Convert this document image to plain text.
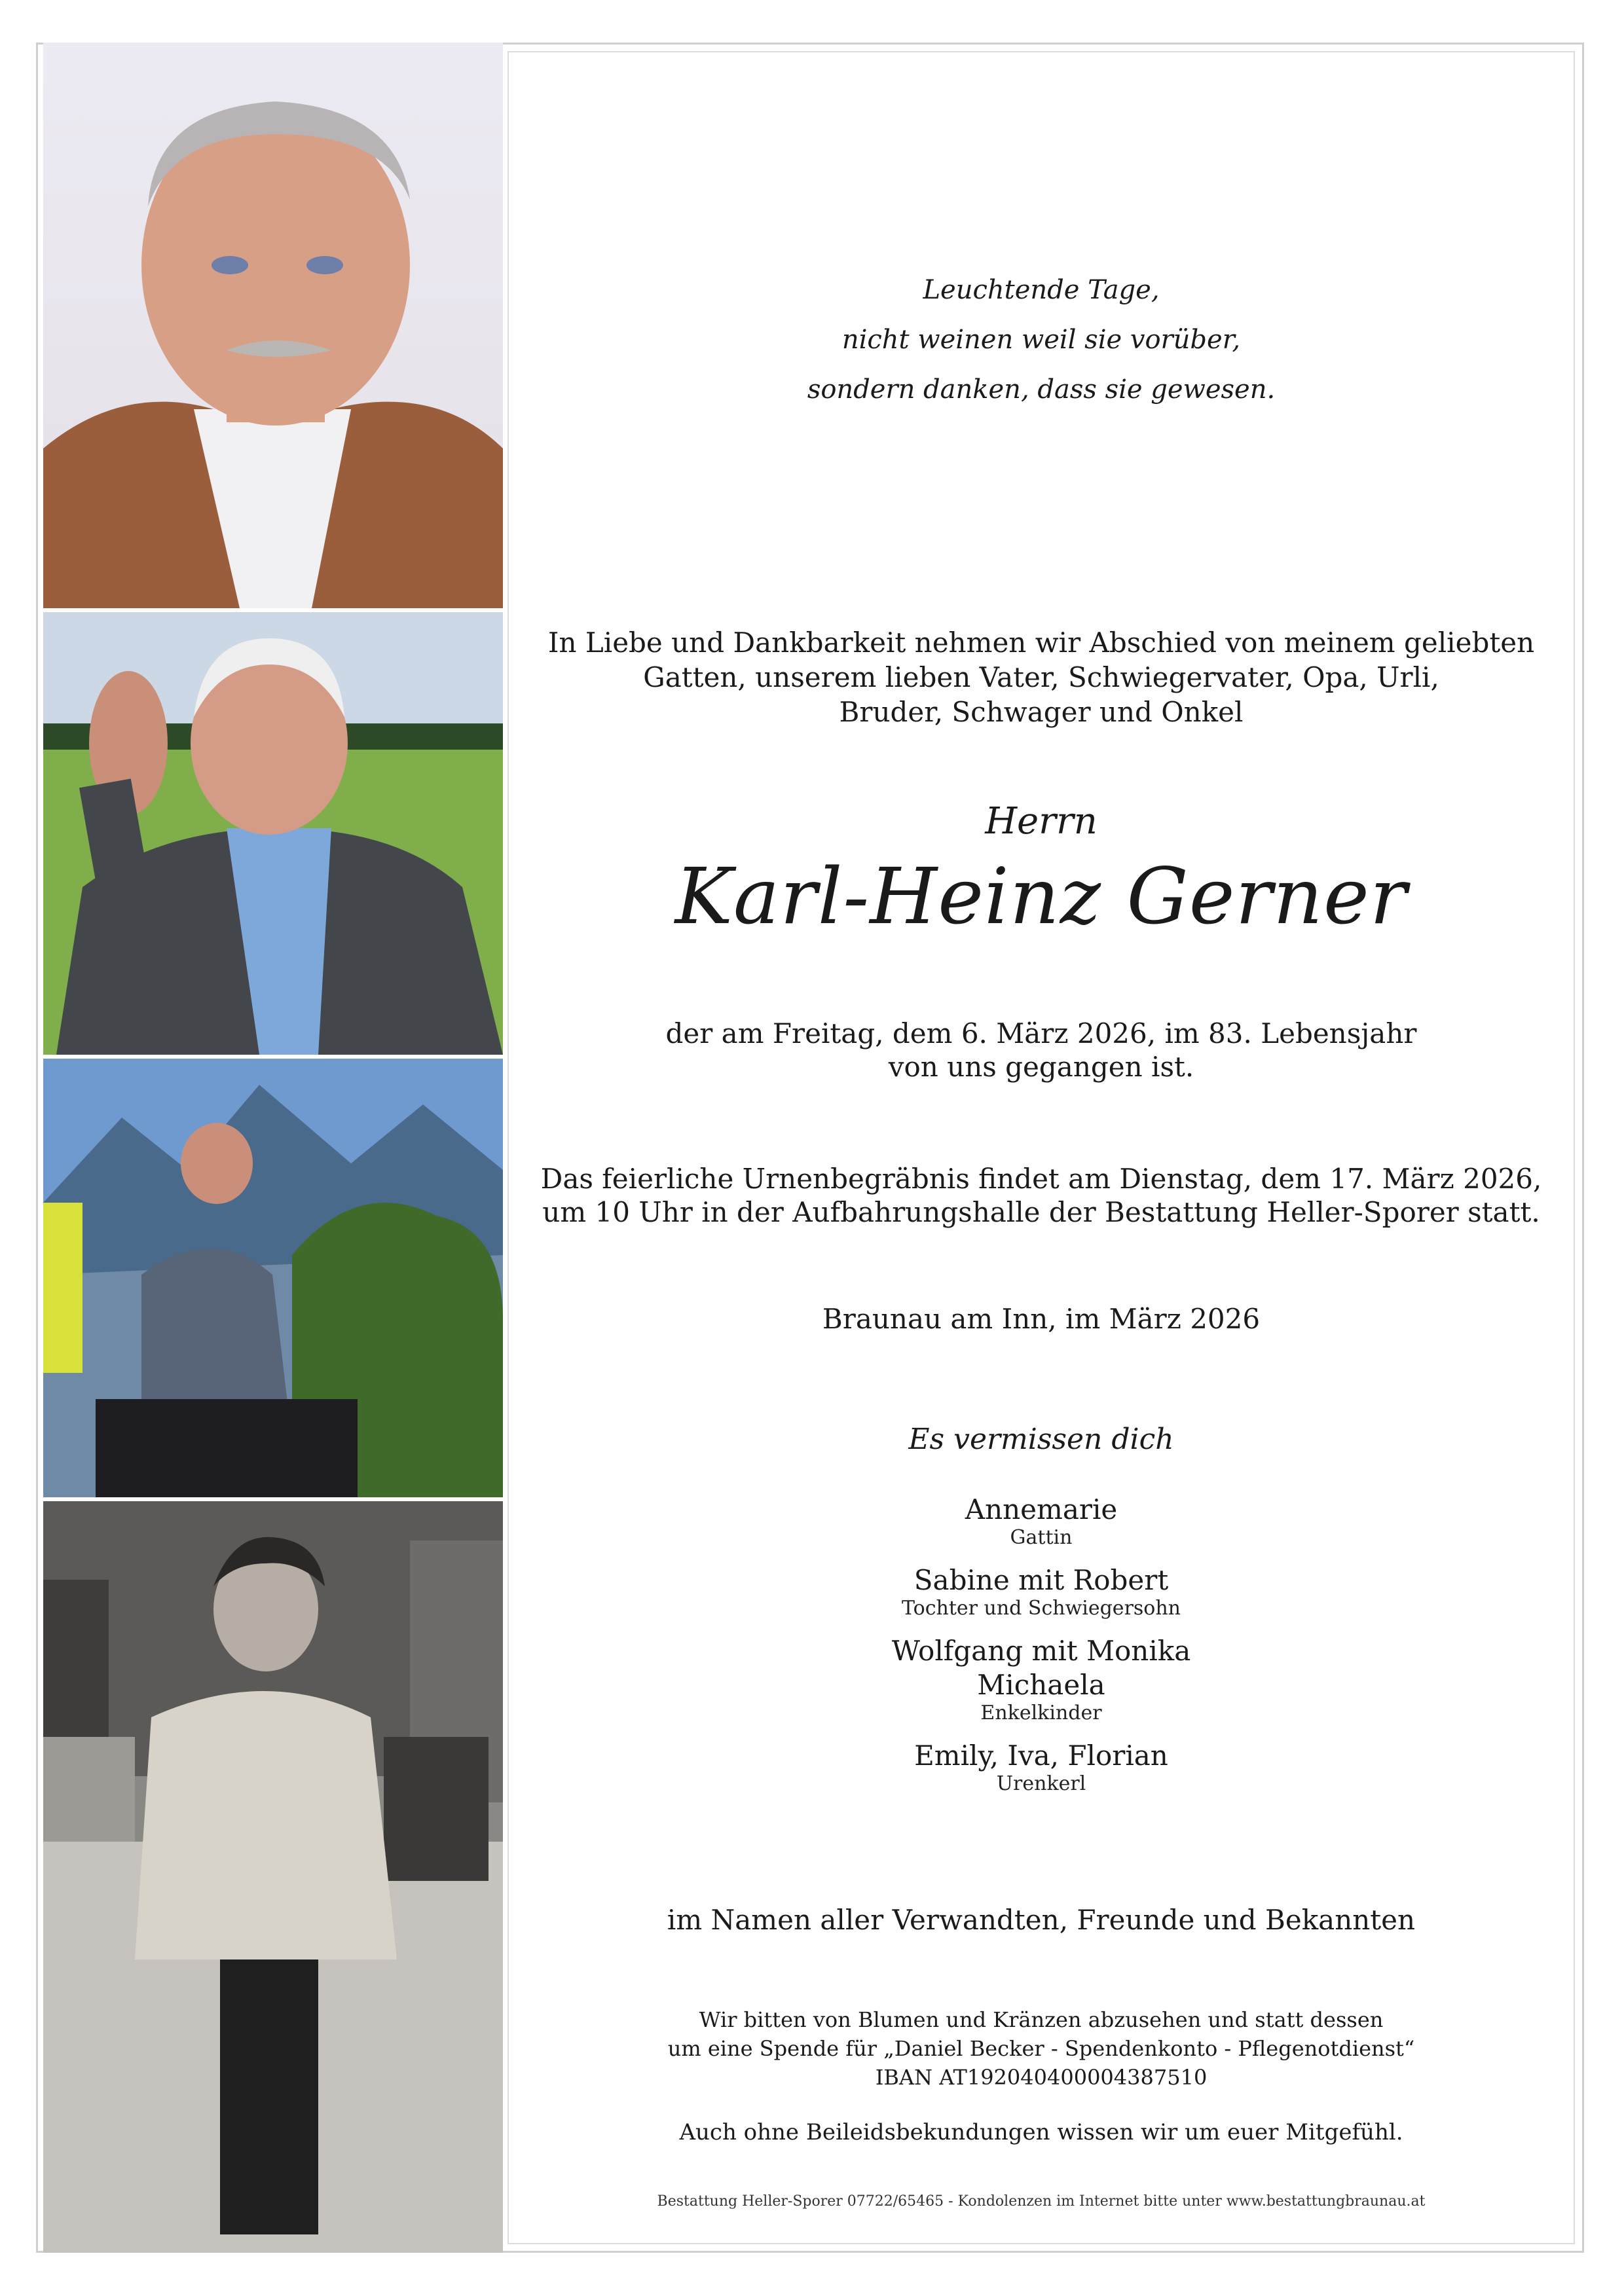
Leuchtende Tage,
nicht weinen weil sie vorüber,
sondern danken, dass sie gewesen.
In Liebe und Dankbarkeit nehmen wir Abschied von meinem geliebten
Gatten, unserem lieben Vater, Schwiegervater, Opa, Urli,
Bruder, Schwager und Onkel
Herrn
Karl-Heinz Gerner
der am Freitag, dem 6. März 2026, im 83. Lebensjahr
von uns gegangen ist.
Das feierliche Urnenbegräbnis findet am Dienstag, dem 17. März 2026,
um 10 Uhr in der Aufbahrungshalle der Bestattung Heller-Sporer statt.
Braunau am Inn, im März 2026
Es vermissen dich
Annemarie
Gattin
Sabine mit Robert
Tochter und Schwiegersohn
Wolfgang mit Monika
Michaela
Enkelkinder
Emily, Iva, Florian
Urenkerl
im Namen aller Verwandten, Freunde und Bekannten
Wir bitten von Blumen und Kränzen abzusehen und statt dessen
um eine Spende für „Daniel Becker - Spendenkonto - Pflegenotdienst“
IBAN AT192040400004387510
Auch ohne Beileidsbekundungen wissen wir um euer Mitgefühl.
Bestattung Heller-Sporer 07722/65465 - Kondolenzen im Internet bitte unter www.bestattungbraunau.at
